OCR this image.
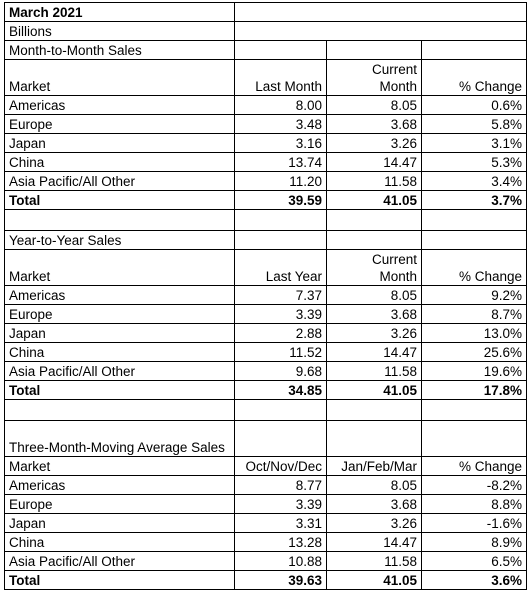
March 2021			
Billions			
Month-to-Month Sales			
Market	Last Month	Current Month	% Change
Americas	8.00	8.05	0.6%
Europe	3.48	3.68	5.8%
Japan	3.16	3.26	3.1%
China	13.74	14.47	5.3%
Asia Pacific/All Other	11.20	11.58	3.4%
Total	39.59	41.05	3.7%

Year-to-Year Sales			
Market	Last Year	Current Month	% Change
Americas	7.37	8.05	9.2%
Europe	3.39	3.68	8.7%
Japan	2.88	3.26	13.0%
China	11.52	14.47	25.6%
Asia Pacific/All Other	9.68	11.58	19.6%
Total	34.85	41.05	17.8%

Three-Month-Moving Average Sales			
Market	Oct/Nov/Dec	Jan/Feb/Mar	% Change
Americas	8.77	8.05	-8.2%
Europe	3.39	3.68	8.8%
Japan	3.31	3.26	-1.6%
China	13.28	14.47	8.9%
Asia Pacific/All Other	10.88	11.58	6.5%
Total	39.63	41.05	3.6%
